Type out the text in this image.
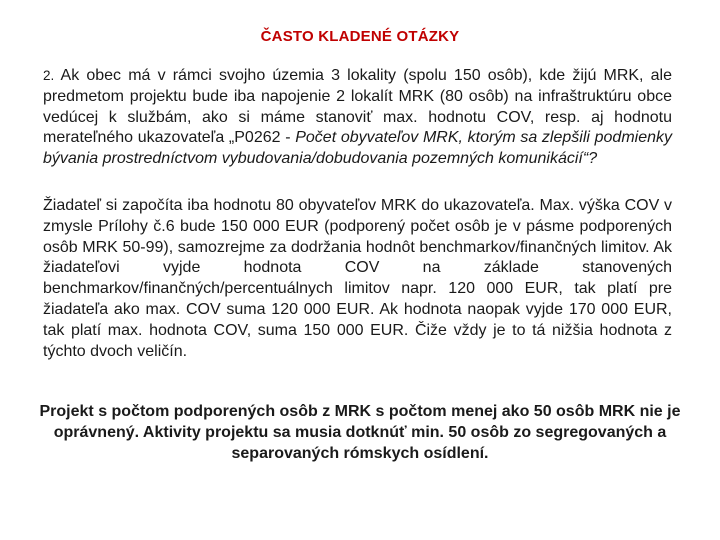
ČASTO KLADENÉ OTÁZKY
2. Ak obec má v rámci svojho územia 3 lokality (spolu 150 osôb), kde žijú MRK, ale predmetom projektu bude iba napojenie 2 lokalít MRK (80 osôb) na infraštruktúru obce vedúcej k službám, ako si máme stanoviť max. hodnotu COV, resp. aj hodnotu merateľného ukazovateľa „P0262 - Počet obyvateľov MRK, ktorým sa zlepšili podmienky bývania prostredníctvom vybudovania/dobudovania pozemných komunikácií“?
Žiadateľ si započíta iba hodnotu 80 obyvateľov MRK do ukazovateľa. Max. výška COV v zmysle Prílohy č.6 bude 150 000 EUR (podporený počet osôb je v pásme podporených osôb MRK 50-99), samozrejme za dodržania hodnôt benchmarkov/finančných limitov. Ak žiadateľovi vyjde hodnota COV na základe stanovených benchmarkov/finančných/percentuálnych limitov napr. 120 000 EUR, tak platí pre žiadateľa ako max. COV suma 120 000 EUR. Ak hodnota naopak vyjde 170 000 EUR, tak platí max. hodnota COV, suma 150 000 EUR. Čiže vždy je to tá nižšia hodnota z týchto dvoch veličín.
Projekt s počtom podporených osôb z MRK s počtom menej ako 50 osôb MRK nie je oprávnený. Aktivity projektu sa musia dotknúť min. 50 osôb zo segregovaných a separovaných rómskych osídlení.
